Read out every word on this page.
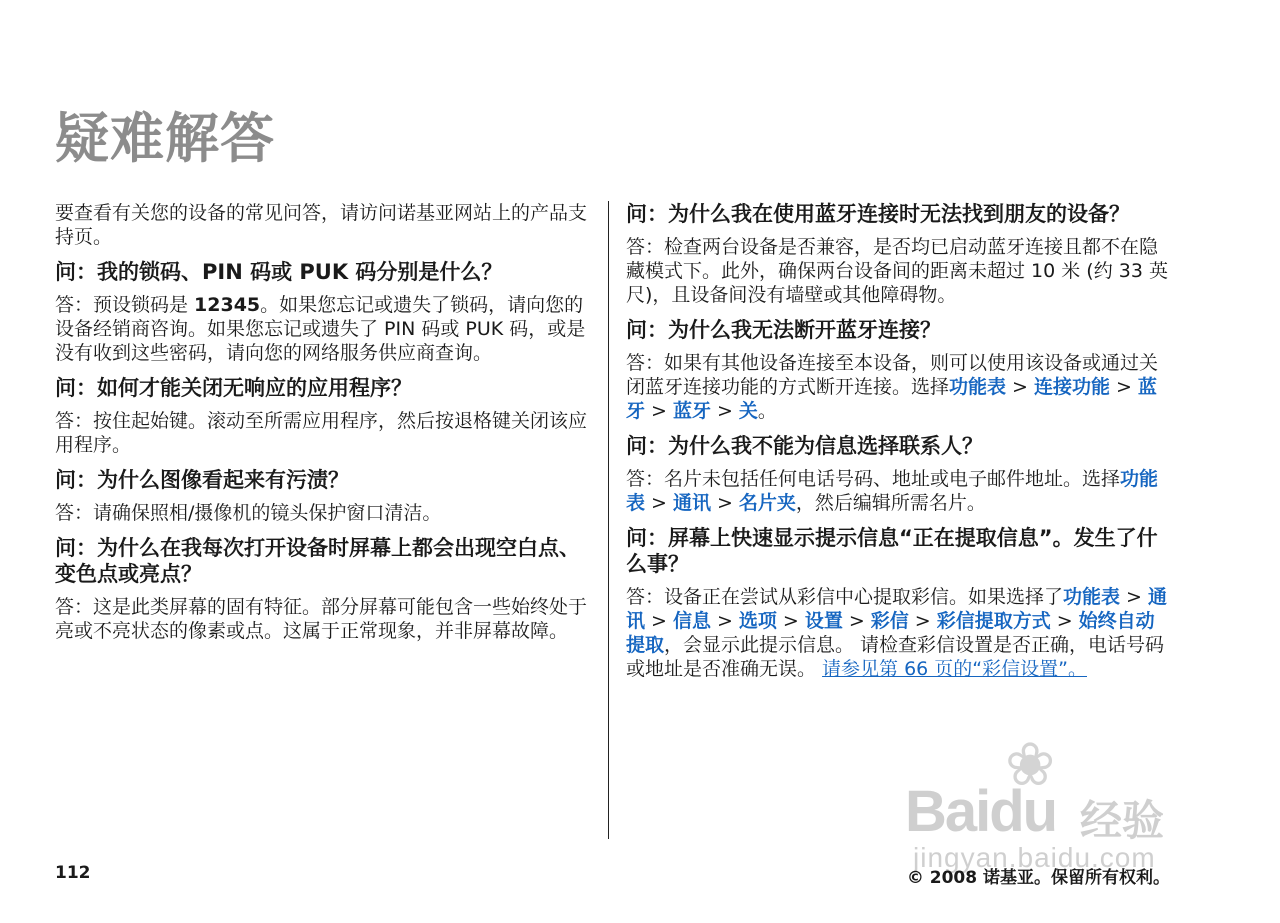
疑难解答

要查看有关您的设备的常见问答，请访问诺基亚网站上的产品支持页。

问：我的锁码、PIN 码或 PUK 码分别是什么？

答：预设锁码是 12345。如果您忘记或遗失了锁码，请向您的设备经销商咨询。如果您忘记或遗失了 PIN 码或 PUK 码，或是没有收到这些密码，请向您的网络服务供应商查询。

问：如何才能关闭无响应的应用程序？

答：按住起始键。滚动至所需应用程序，然后按退格键关闭该应用程序。

问：为什么图像看起来有污渍？

答：请确保照相/摄像机的镜头保护窗口清洁。

问：为什么在我每次打开设备时屏幕上都会出现空白点、变色点或亮点？

答：这是此类屏幕的固有特征。部分屏幕可能包含一些始终处于亮或不亮状态的像素或点。这属于正常现象，并非屏幕故障。

问：为什么我在使用蓝牙连接时无法找到朋友的设备？

答：检查两台设备是否兼容，是否均已启动蓝牙连接且都不在隐藏模式下。此外，确保两台设备间的距离未超过 10 米 (约 33 英尺)，且设备间没有墙壁或其他障碍物。

问：为什么我无法断开蓝牙连接？

答：如果有其他设备连接至本设备，则可以使用该设备或通过关闭蓝牙连接功能的方式断开连接。选择功能表 > 连接功能 > 蓝牙 > 蓝牙 > 关。

问：为什么我不能为信息选择联系人？

答：名片未包括任何电话号码、地址或电子邮件地址。选择功能表 > 通讯 > 名片夹，然后编辑所需名片。

问：屏幕上快速显示提示信息“正在提取信息”。发生了什么事？

答：设备正在尝试从彩信中心提取彩信。如果选择了功能表 > 通讯 > 信息 > 选项 > 设置 > 彩信 > 彩信提取方式 > 始终自动提取，会显示此提示信息。 请检查彩信设置是否正确，电话号码或地址是否准确无误。 请参见第 66 页的“彩信设置”。

❀
Baidu 经验
jingyan.baidu.com
112	© 2008 诺基亚。保留所有权利。
